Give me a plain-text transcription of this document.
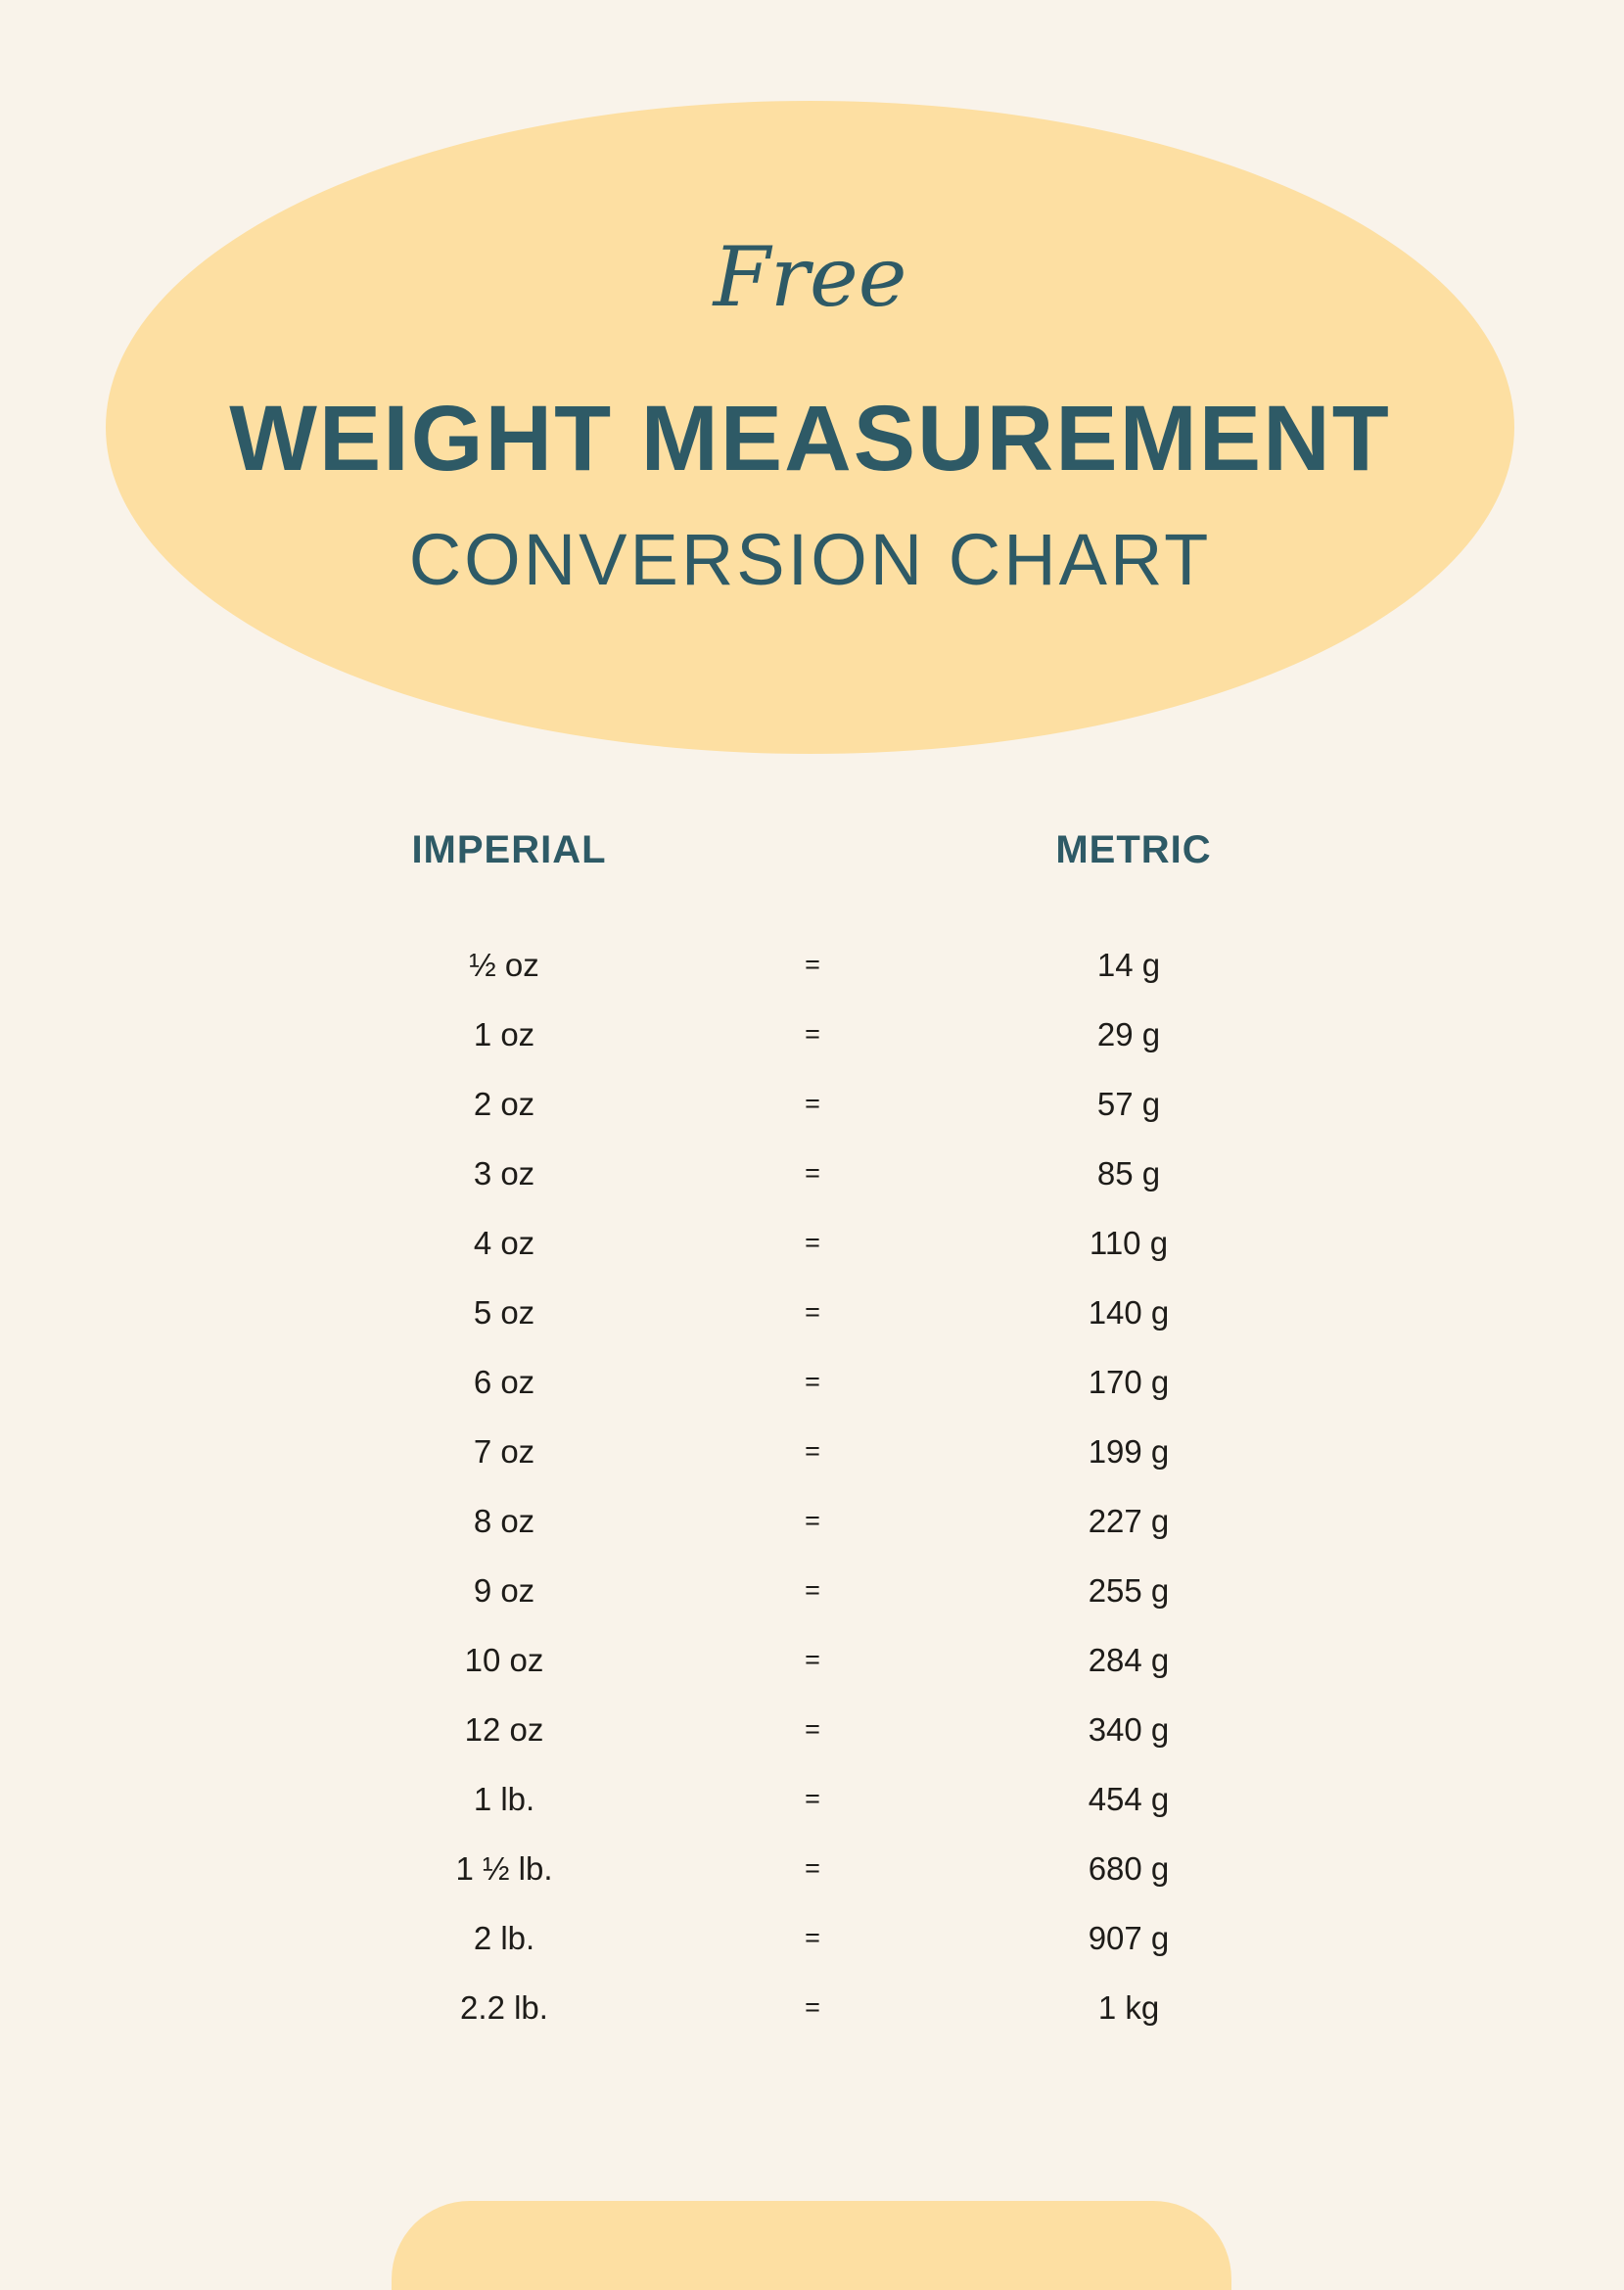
Free
WEIGHT MEASUREMENT
CONVERSION CHART
IMPERIAL	METRIC
½ oz	=	14 g
1 oz	=	29 g
2 oz	=	57 g
3 oz	=	85 g
4 oz	=	110 g
5 oz	=	140 g
6 oz	=	170 g
7 oz	=	199 g
8 oz	=	227 g
9 oz	=	255 g
10 oz	=	284 g
12 oz	=	340 g
1 lb.	=	454 g
1 ½ lb.	=	680 g
2 lb.	=	907 g
2.2 lb.	=	1 kg
